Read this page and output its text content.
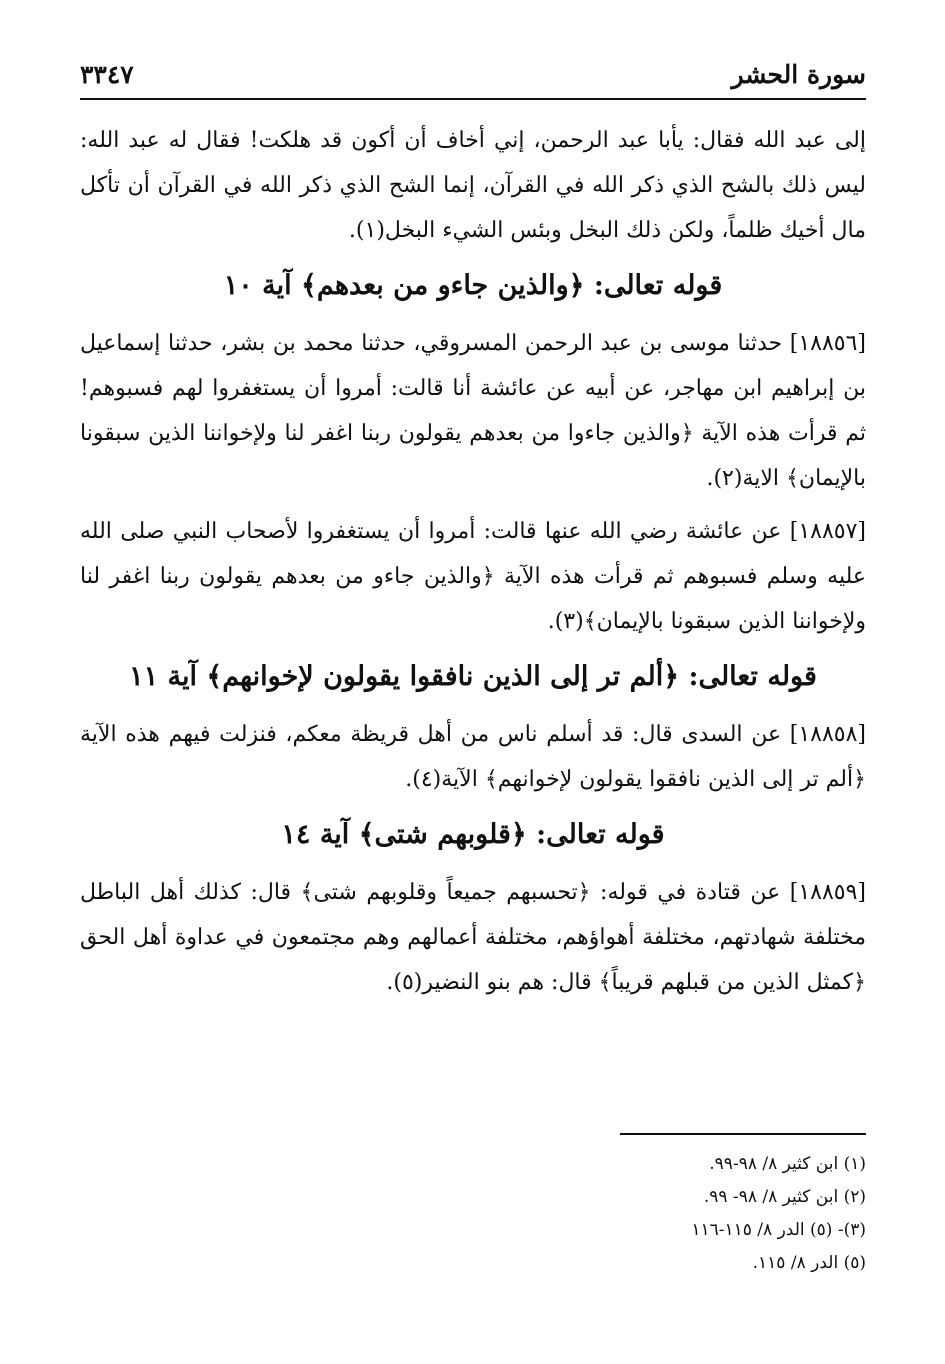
سورة الحشر
٣٣٤٧

إلى عبد الله فقال: يأبا عبد الرحمن، إني أخاف أن أكون قد هلكت! فقال له عبد الله: ليس ذلك بالشح الذي ذكر الله في القرآن، إنما الشح الذي ذكر الله في القرآن أن تأكل مال أخيك ظلماً، ولكن ذلك البخل وبئس الشيء البخل(١).

قوله تعالى: ﴿والذين جاءو من بعدهم﴾ آية ١٠

[١٨٨٥٦] حدثنا موسى بن عبد الرحمن المسروقي، حدثنا محمد بن بشر، حدثنا إسماعيل بن إبراهيم ابن مهاجر، عن أبيه عن عائشة أنا قالت: أمروا أن يستغفروا لهم فسبوهم! ثم قرأت هذه الآية ﴿والذين جاءوا من بعدهم يقولون ربنا اغفر لنا ولإخواننا الذين سبقونا بالإيمان﴾ الاية(٢).

[١٨٨٥٧] عن عائشة رضي الله عنها قالت: أمروا أن يستغفروا لأصحاب النبي صلى الله عليه وسلم فسبوهم ثم قرأت هذه الآية ﴿والذين جاءو من بعدهم يقولون ربنا اغفر لنا ولإخواننا الذين سبقونا بالإيمان﴾(٣).

قوله تعالى: ﴿ألم تر إلى الذين نافقوا يقولون لإخوانهم﴾ آية ١١

[١٨٨٥٨] عن السدى قال: قد أسلم ناس من أهل قريظة معكم، فنزلت فيهم هذه الآية ﴿ألم تر إلى الذين نافقوا يقولون لإخوانهم﴾ الآية(٤).

قوله تعالى: ﴿قلوبهم شتى﴾ آية ١٤

[١٨٨٥٩] عن قتادة في قوله: ﴿تحسبهم جميعاً وقلوبهم شتى﴾ قال: كذلك أهل الباطل مختلفة شهادتهم، مختلفة أهواؤهم، مختلفة أعمالهم وهم مجتمعون في عداوة أهل الحق ﴿كمثل الذين من قبلهم قريباً﴾ قال: هم بنو النضير(٥).

(١) ابن كثير ٨/ ٩٨-٩٩.
(٢) ابن كثير ٨/ ٩٨- ٩٩.
(٣)- (٥) الدر ٨/ ١١٥-١١٦
(٥) الدر ٨/ ١١٥.
